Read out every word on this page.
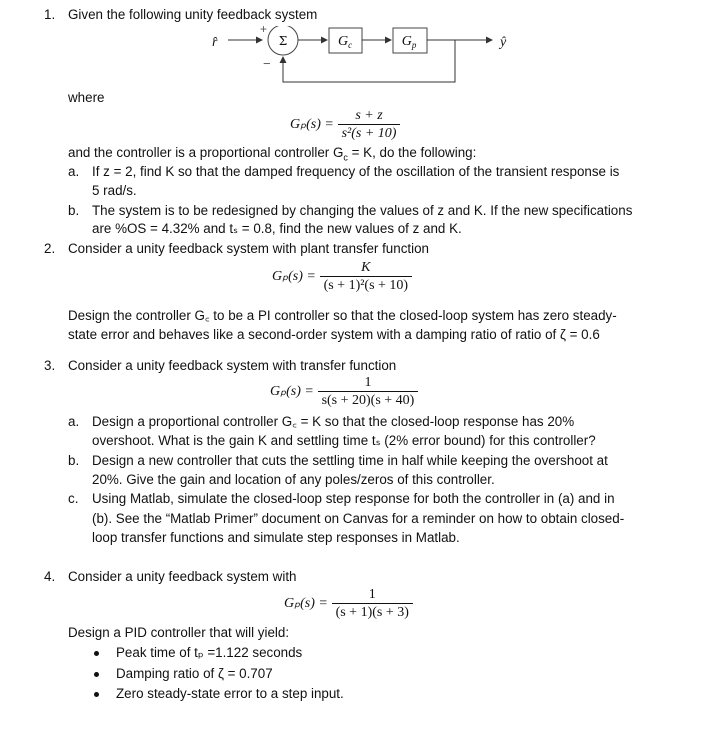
1. Given the following unity feedback system
r̂
+
Σ
−
$G_c$	$G_p$	ŷ
where
$G_p(s) = \frac{s + z}{\text{s²(s + 10)}}$
and the controller is a proportional controller $G_c = K$, do the following:
a. If z = 2, find K so that the damped frequency of the oscillation of the transient response is
5 rad/s.
b. The system is to be redesigned by changing the values of z and K. If the new specifications
are %OS = 4.32% and tₛ = 0.8, find the new values of z and K.
2. Consider a unity feedback system with plant transfer function
$G_p(s) = \frac{K}{\text{(s + 1)²(s + 10)}}$
Design the controller G꜀ to be a PI controller so that the closed-loop system has zero steady-
state error and behaves like a second-order system with a damping ratio of ratio of ζ = 0.6
3. Consider a unity feedback system with transfer function
$G_p(s) = \frac{1}{s(s + 20)(s + 40)}$
a. Design a proportional controller G꜀ = K so that the closed-loop response has 20%
overshoot. What is the gain K and settling time tₛ (2% error bound) for this controller?
b. Design a new controller that cuts the settling time in half while keeping the overshoot at
20%. Give the gain and location of any poles/zeros of this controller.
c. Using Matlab, simulate the closed-loop step response for both the controller in (a) and in
(b). See the “Matlab Primer” document on Canvas for a reminder on how to obtain closed-
loop transfer functions and simulate step responses in Matlab.
4. Consider a unity feedback system with
$G_p(s) = \frac{1}{(s + 1)(s + 3)}$
Design a PID controller that will yield:
Peak time of tₚ =1.122 seconds
Damping ratio of ζ = 0.707
Zero steady-state error to a step input.
